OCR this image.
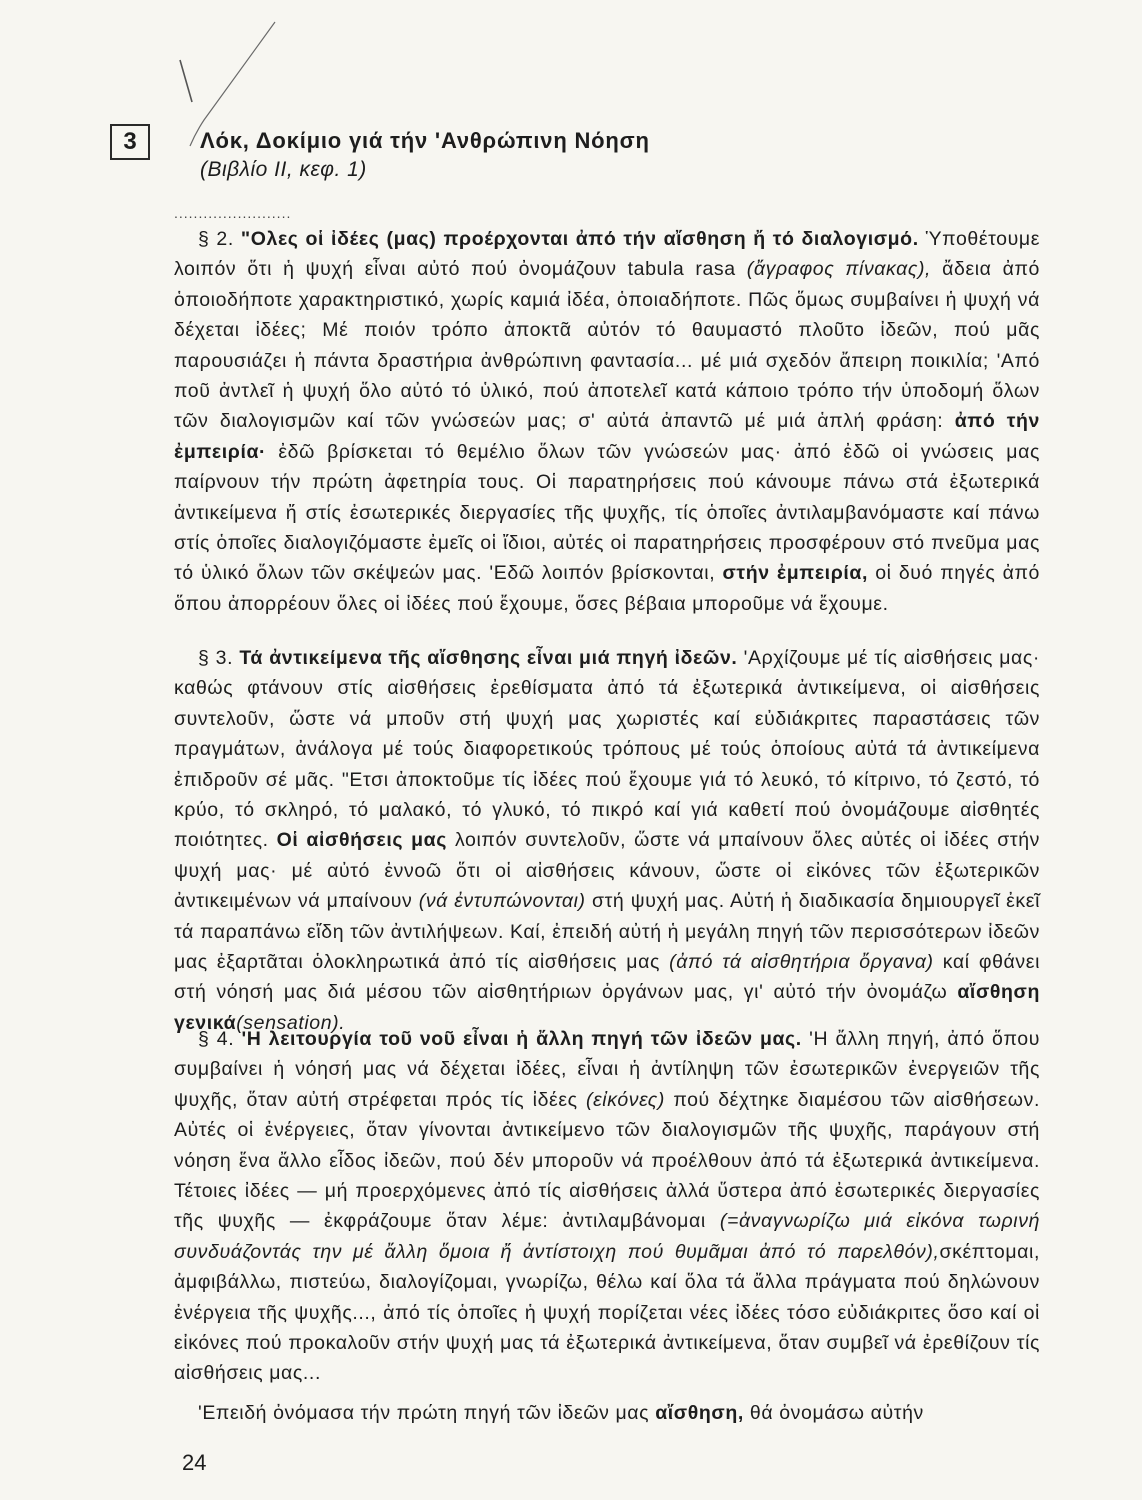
3	Λόκ, Δοκίμιο γιά τήν 'Ανθρώπινη Νόηση
(Βιβλίο ΙΙ, κεφ. 1)
........................

§ 2. "Ολες οἱ ἰδέες (μας) προέρχονται ἀπό τήν αἴσθηση ἤ τό διαλογισμό. Ὑποθέτουμε λοιπόν ὅτι ἡ ψυχή εἶναι αὐτό πού ὀνομάζουν tabula rasa (ἄγραφος πίνακας), ἄδεια ἀπό ὁποιοδήποτε χαρακτηριστικό, χωρίς καμιά ἰδέα, ὁποιαδήποτε. Πῶς ὅμως συμβαίνει ἡ ψυχή νά δέχεται ἰδέες; Μέ ποιόν τρόπο ἀποκτᾶ αὐτόν τό θαυμαστό πλοῦτο ἰδεῶν, πού μᾶς παρουσιάζει ἡ πάντα δραστήρια ἀνθρώπινη φαντασία... μέ μιά σχεδόν ἄπειρη ποικιλία; 'Από ποῦ ἀντλεῖ ἡ ψυχή ὅλο αὐτό τό ὑλικό, πού ἀποτελεῖ κατά κάποιο τρόπο τήν ὑποδομή ὅλων τῶν διαλογισμῶν καί τῶν γνώσεών μας; σ' αὐτά ἀπαντῶ μέ μιά ἁπλή φράση: ἀπό τήν ἐμπειρία· ἐδῶ βρίσκεται τό θεμέλιο ὅλων τῶν γνώσεών μας· ἀπό ἐδῶ οἱ γνώσεις μας παίρνουν τήν πρώτη ἀφετηρία τους. Οἱ παρατηρήσεις πού κάνουμε πάνω στά ἐξωτερικά ἀντικείμενα ἤ στίς ἐσωτερικές διεργασίες τῆς ψυχῆς, τίς ὁποῖες ἀντιλαμβανόμαστε καί πάνω στίς ὁποῖες διαλογιζόμαστε ἐμεῖς οἱ ἴδιοι, αὐτές οἱ παρατηρήσεις προσφέρουν στό πνεῦμα μας τό ὑλικό ὅλων τῶν σκέψεών μας. 'Εδῶ λοιπόν βρίσκονται, στήν ἐμπειρία, οἱ δυό πηγές ἀπό ὅπου ἀπορρέουν ὅλες οἱ ἰδέες πού ἔχουμε, ὅσες βέβαια μποροῦμε νά ἔχουμε.

§ 3. Τά ἀντικείμενα τῆς αἴσθησης εἶναι μιά πηγή ἰδεῶν. 'Αρχίζουμε μέ τίς αἰσθήσεις μας· καθώς φτάνουν στίς αἰσθήσεις ἐρεθίσματα ἀπό τά ἐξωτερικά ἀντικείμενα, οἱ αἰσθήσεις συντελοῦν, ὥστε νά μποῦν στή ψυχή μας χωριστές καί εὐδιάκριτες παραστάσεις τῶν πραγμάτων, ἀνάλογα μέ τούς διαφορετικούς τρόπους μέ τούς ὁποίους αὐτά τά ἀντικείμενα ἐπιδροῦν σέ μᾶς. "Ετσι ἀποκτοῦμε τίς ἰδέες πού ἔχουμε γιά τό λευκό, τό κίτρινο, τό ζεστό, τό κρύο, τό σκληρό, τό μαλακό, τό γλυκό, τό πικρό καί γιά καθετί πού ὀνομάζουμε αἰσθητές ποιότητες. Οἱ αἰσθήσεις μας λοιπόν συντελοῦν, ὥστε νά μπαίνουν ὅλες αὐτές οἱ ἰδέες στήν ψυχή μας· μέ αὐτό ἐννοῶ ὅτι οἱ αἰσθήσεις κάνουν, ὥστε οἱ εἰκόνες τῶν ἐξωτερικῶν ἀντικειμένων νά μπαίνουν (νά ἐντυπώνονται) στή ψυχή μας. Αὐτή ἡ διαδικασία δημιουργεῖ ἐκεῖ τά παραπάνω εἴδη τῶν ἀντιλήψεων. Καί, ἐπειδή αὐτή ἡ μεγάλη πηγή τῶν περισσότερων ἰδεῶν μας ἐξαρτᾶται ὁλοκληρωτικά ἀπό τίς αἰσθήσεις μας (ἀπό τά αἰσθητήρια ὄργανα) καί φθάνει στή νόησή μας διά μέσου τῶν αἰσθητήριων ὀργάνων μας, γι' αὐτό τήν ὀνομάζω αἴσθηση γενικά(sensation).

§ 4. 'Η λειτουργία τοῦ νοῦ εἶναι ἡ ἄλλη πηγή τῶν ἰδεῶν μας. 'Η ἄλλη πηγή, ἀπό ὅπου συμβαίνει ἡ νόησή μας νά δέχεται ἰδέες, εἶναι ἡ ἀντίληψη τῶν ἐσωτερικῶν ἐνεργειῶν τῆς ψυχῆς, ὅταν αὐτή στρέφεται πρός τίς ἰδέες (εἰκόνες) πού δέχτηκε διαμέσου τῶν αἰσθήσεων. Αὐτές οἱ ἐνέργειες, ὅταν γίνονται ἀντικείμενο τῶν διαλογισμῶν τῆς ψυχῆς, παράγουν στή νόηση ἕνα ἄλλο εἶδος ἰδεῶν, πού δέν μποροῦν νά προέλθουν ἀπό τά ἐξωτερικά ἀντικείμενα. Τέτοιες ἰδέες — μή προερχόμενες ἀπό τίς αἰσθήσεις ἀλλά ὕστερα ἀπό ἐσωτερικές διεργασίες τῆς ψυχῆς — ἐκφράζουμε ὅταν λέμε: ἀντιλαμβάνομαι (=ἀναγνωρίζω μιά εἰκόνα τωρινή συνδυάζοντάς την μέ ἄλλη ὅμοια ἤ ἀντίστοιχη πού θυμᾶμαι ἀπό τό παρελθόν),σκέπτομαι, ἀμφιβάλλω, πιστεύω, διαλογίζομαι, γνωρίζω, θέλω καί ὅλα τά ἄλλα πράγματα πού δηλώνουν ἐνέργεια τῆς ψυχῆς..., ἀπό τίς ὁποῖες ἡ ψυχή πορίζεται νέες ἰδέες τόσο εὐδιάκριτες ὅσο καί οἱ εἰκόνες πού προκαλοῦν στήν ψυχή μας τά ἐξωτερικά ἀντικείμενα, ὅταν συμβεῖ νά ἐρεθίζουν τίς αἰσθήσεις μας...

'Επειδή ὀνόμασα τήν πρώτη πηγή τῶν ἰδεῶν μας αἴσθηση, θά ὀνομάσω αὐτήν

24
